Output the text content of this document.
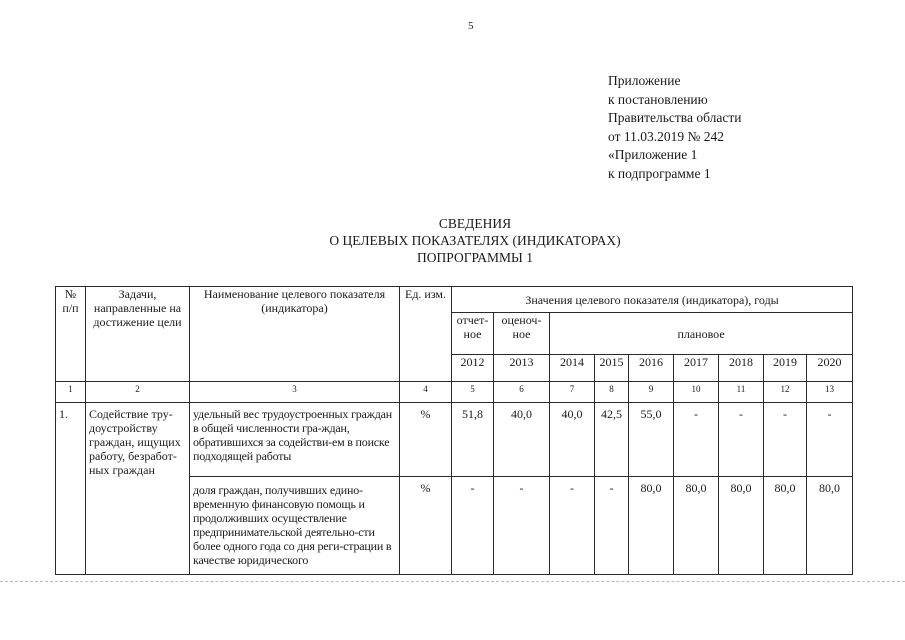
5
Приложение
к постановлению
Правительства области
от 11.03.2019 № 242
«Приложение 1
к подпрограмме 1
СВЕДЕНИЯ
О ЦЕЛЕВЫХ ПОКАЗАТЕЛЯХ (ИНДИКАТОРАХ)
ПОПРОГРАММЫ 1
№ п/п	Задачи, направленные на достижение цели	Наименование целевого показателя (индикатора)	Ед. изм.	Значения целевого показателя (индикатора), годы								
				отчет-ное	оценоч-ное	плановое						
				2012	2013	2014	2015	2016	2017	2018	2019	2020
1	2	3	4	5	6	7	8	9	10	11	12	13
1.	Содействие тру-доустройству граждан, ищущих работу, безработ-ных граждан	удельный вес трудоустроенных граждан в общей численности гра-ждан, обратившихся за содействи-ем в поиске подходящей работы	%	51,8	40,0	40,0	42,5	55,0	-	-	-	-

		доля граждан, получивших едино-временную финансовую помощь и продолживших осуществление предпринимательской деятельно-сти более одного года со дня реги-страции в качестве юридического	%	-	-	-	-	80,0	80,0	80,0	80,0	80,0
